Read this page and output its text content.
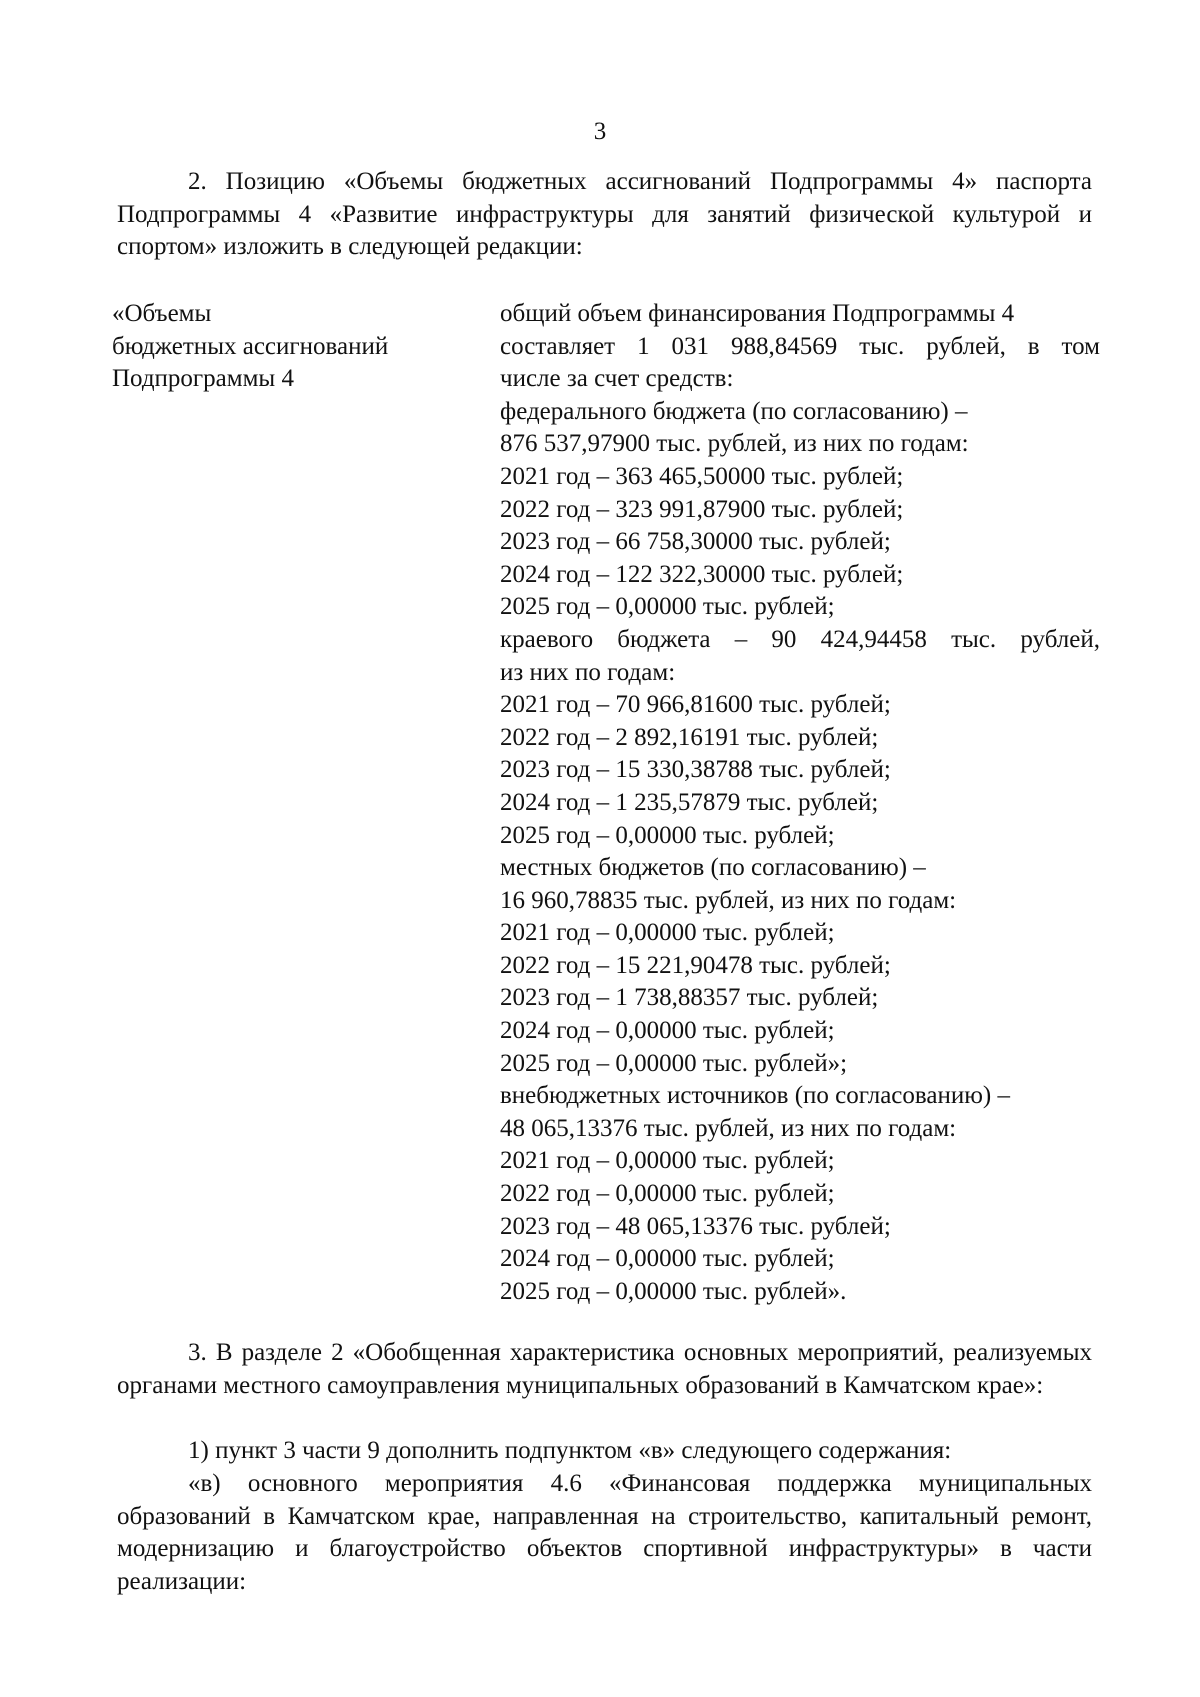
3

2. Позицию «Объемы бюджетных ассигнований Подпрограммы 4» паспорта Подпрограммы 4 «Развитие инфраструктуры для занятий физической культурой и спортом» изложить в следующей редакции:

«Объемы
бюджетных ассигнований
Подпрограммы 4
общий объем финансирования Подпрограммы 4
составляет 1 031 988,84569 тыс. рублей, в том
числе за счет средств:
федерального бюджета (по согласованию) –
876 537,97900 тыс. рублей, из них по годам:
2021 год – 363 465,50000 тыс. рублей;
2022 год – 323 991,87900 тыс. рублей;
2023 год – 66 758,30000 тыс. рублей;
2024 год – 122 322,30000 тыс. рублей;
2025 год – 0,00000 тыс. рублей;
краевого бюджета – 90 424,94458 тыс. рублей,
из них по годам:
2021 год – 70 966,81600 тыс. рублей;
2022 год – 2 892,16191 тыс. рублей;
2023 год – 15 330,38788 тыс. рублей;
2024 год – 1 235,57879 тыс. рублей;
2025 год – 0,00000 тыс. рублей;
местных бюджетов (по согласованию) –
16 960,78835 тыс. рублей, из них по годам:
2021 год – 0,00000 тыс. рублей;
2022 год – 15 221,90478 тыс. рублей;
2023 год – 1 738,88357 тыс. рублей;
2024 год – 0,00000 тыс. рублей;
2025 год – 0,00000 тыс. рублей»;
внебюджетных источников (по согласованию) –
48 065,13376 тыс. рублей, из них по годам:
2021 год – 0,00000 тыс. рублей;
2022 год – 0,00000 тыс. рублей;
2023 год – 48 065,13376 тыс. рублей;
2024 год – 0,00000 тыс. рублей;
2025 год – 0,00000 тыс. рублей».

3. В разделе 2 «Обобщенная характеристика основных мероприятий, реализуемых органами местного самоуправления муниципальных образований в Камчатском крае»:

1) пункт 3 части 9 дополнить подпунктом «в» следующего содержания:

«в) основного мероприятия 4.6 «Финансовая поддержка муниципальных образований в Камчатском крае, направленная на строительство, капитальный ремонт, модернизацию и благоустройство объектов спортивной инфраструктуры» в части реализации:
